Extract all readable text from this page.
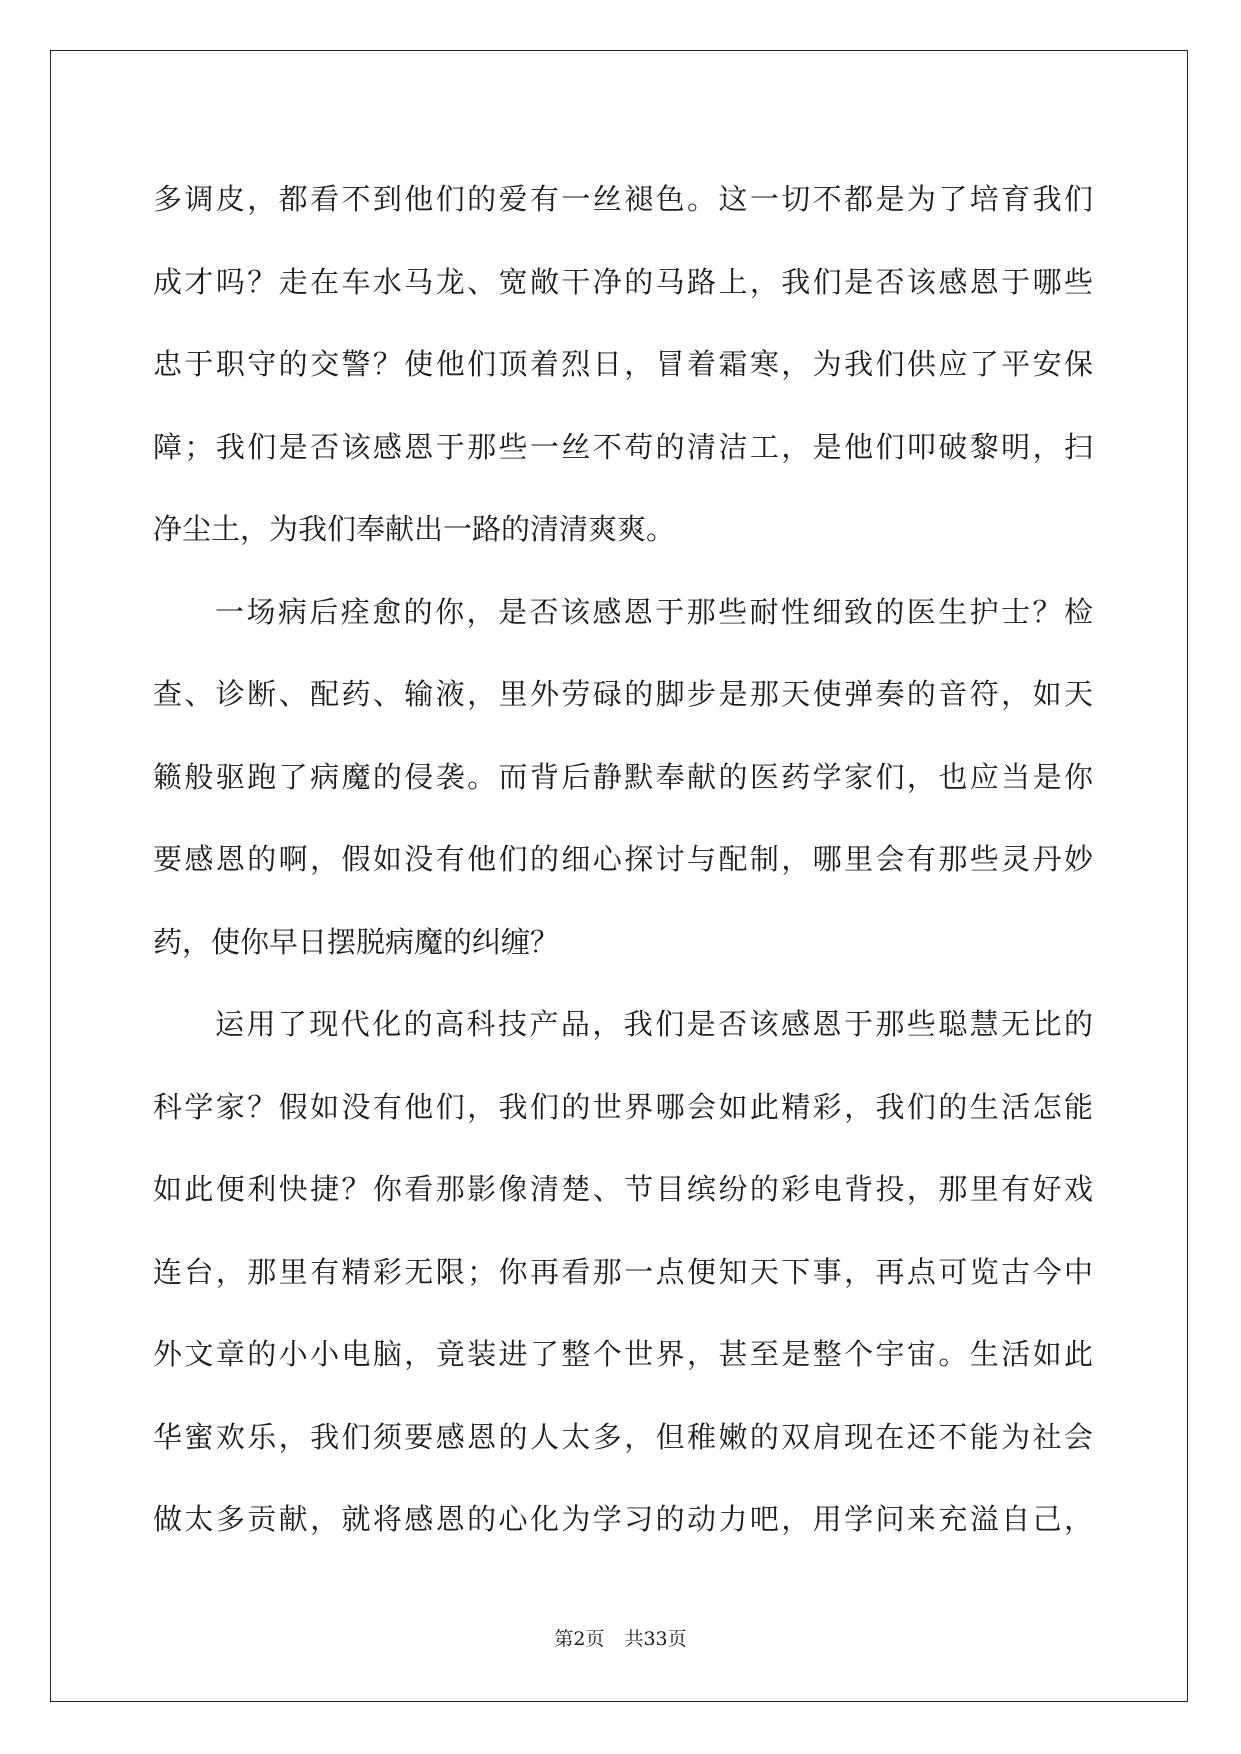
多调皮，都看不到他们的爱有一丝褪色。这一切不都是为了培育我们
成才吗？走在车水马龙、宽敞干净的马路上，我们是否该感恩于哪些
忠于职守的交警？使他们顶着烈日，冒着霜寒，为我们供应了平安保
障；我们是否该感恩于那些一丝不苟的清洁工，是他们叩破黎明，扫
净尘土，为我们奉献出一路的清清爽爽。
一场病后痊愈的你，是否该感恩于那些耐性细致的医生护士？检
查、诊断、配药、输液，里外劳碌的脚步是那天使弹奏的音符，如天
籁般驱跑了病魔的侵袭。而背后静默奉献的医药学家们，也应当是你
要感恩的啊，假如没有他们的细心探讨与配制，哪里会有那些灵丹妙
药，使你早日摆脱病魔的纠缠？
运用了现代化的高科技产品，我们是否该感恩于那些聪慧无比的
科学家？假如没有他们，我们的世界哪会如此精彩，我们的生活怎能
如此便利快捷？你看那影像清楚、节目缤纷的彩电背投，那里有好戏
连台，那里有精彩无限；你再看那一点便知天下事，再点可览古今中
外文章的小小电脑，竟装进了整个世界，甚至是整个宇宙。生活如此
华蜜欢乐，我们须要感恩的人太多，但稚嫩的双肩现在还不能为社会
做太多贡献，就将感恩的心化为学习的动力吧，用学问来充溢自己，
第2页 共33页
